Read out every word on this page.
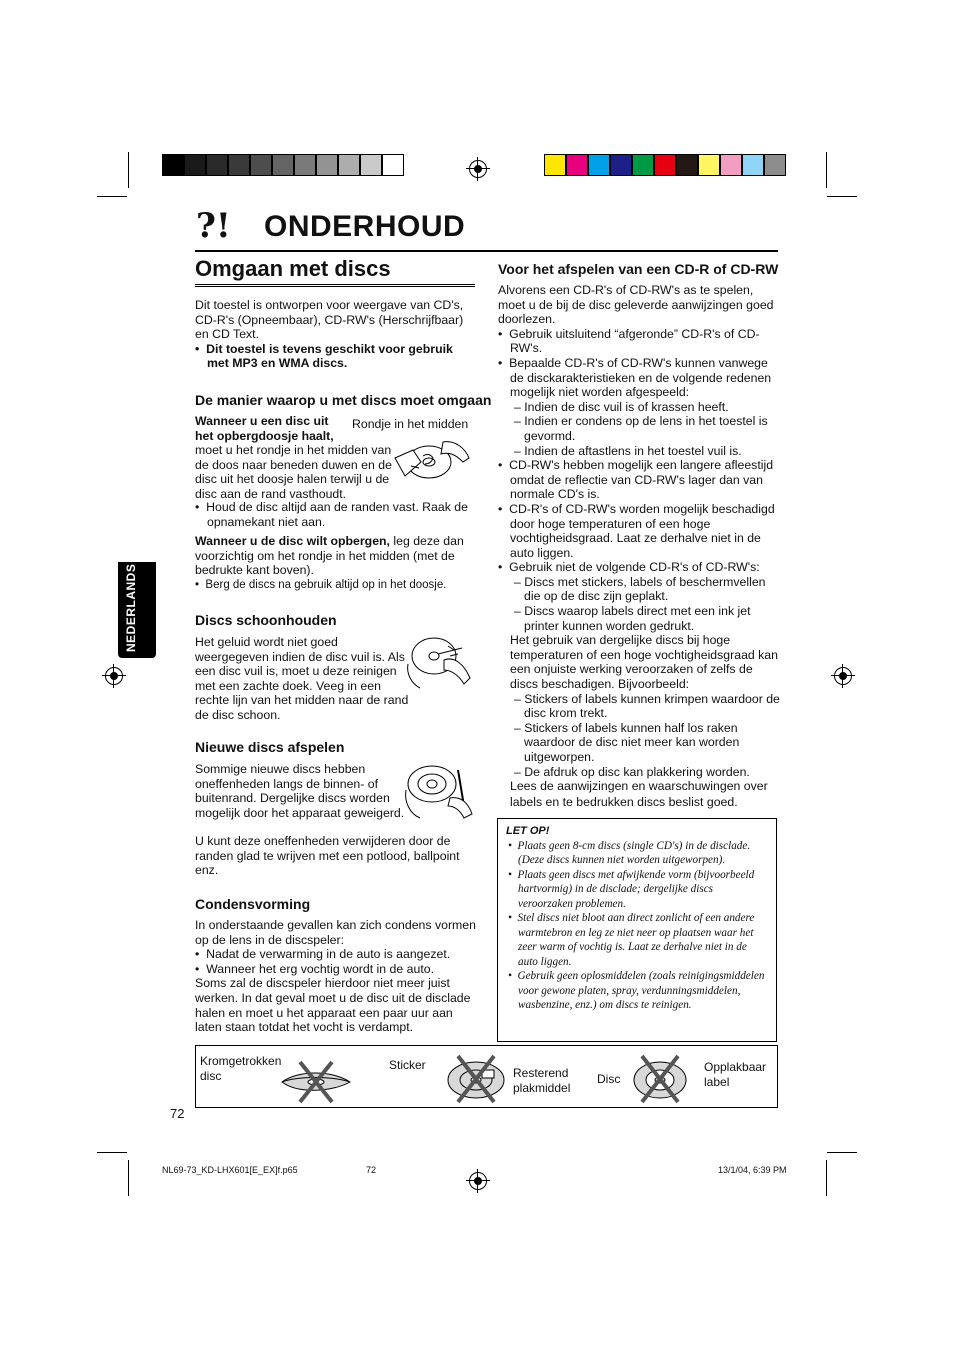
?! ONDERHOUD
Omgaan met discs
NEDERLANDS

Dit toestel is ontworpen voor weergave van CD's, CD-R's (Opneembaar), CD-RW's (Herschrijfbaar) en CD Text.

•  Dit toestel is tevens geschikt voor gebruik met MP3 en WMA discs.

De manier waarop u met discs moet omgaan
Rondje in het midden

Wanneer u een disc uit het opbergdoosje haalt,

moet u het rondje in het midden van de doos naar beneden duwen en de disc uit het doosje halen terwijl u de disc aan de rand vasthoudt.

•  Houd de disc altijd aan de randen vast. Raak de opnamekant niet aan.

Wanneer u de disc wilt opbergen, leg deze dan voorzichtig om het rondje in het midden (met de bedrukte kant boven).

•  Berg de discs na gebruik altijd op in het doosje.

Discs schoonhouden
Het geluid wordt niet goed weergegeven indien de disc vuil is. Als een disc vuil is, moet u deze reinigen met een zachte doek. Veeg in een rechte lijn van het midden naar de rand de disc schoon.
Nieuwe discs afspelen
Sommige nieuwe discs hebben oneffenheden langs de binnen- of buitenrand. Dergelijke discs worden mogelijk door het apparaat geweigerd.
U kunt deze oneffenheden verwijderen door de randen glad te wrijven met een potlood, ballpoint enz.
Condensvorming

In onderstaande gevallen kan zich condens vormen op de lens in de discspeler:

•  Nadat de verwarming in de auto is aangezet.

•  Wanneer het erg vochtig wordt in de auto.

Soms zal de discspeler hierdoor niet meer juist werken. In dat geval moet u de disc uit de disclade halen en moet u het apparaat een paar uur aan laten staan totdat het vocht is verdampt.

Voor het afspelen van een CD-R of CD-RW

Alvorens een CD-R's of CD-RW's as te spelen, moet u de bij de disc geleverde aanwijzingen goed doorlezen.

•  Gebruik uitsluitend “afgeronde” CD-R's of CD-RW's.

•  Bepaalde CD-R's of CD-RW's kunnen vanwege de disckarakteristieken en de volgende redenen mogelijk niet worden afgespeeld:

– Indien de disc vuil is of krassen heeft.

– Indien er condens op de lens in het toestel is gevormd.

– Indien de aftastlens in het toestel vuil is.

•  CD-RW's hebben mogelijk een langere afleestijd omdat de reflectie van CD-RW's lager dan van normale CD's is.

•  CD-R's of CD-RW's worden mogelijk beschadigd door hoge temperaturen of een hoge vochtigheidsgraad. Laat ze derhalve niet in de auto liggen.

•  Gebruik niet de volgende CD-R's of CD-RW's:

– Discs met stickers, labels of beschermvellen die op de disc zijn geplakt.

– Discs waarop labels direct met een ink jet printer kunnen worden gedrukt.

Het gebruik van dergelijke discs bij hoge temperaturen of een hoge vochtigheidsgraad kan een onjuiste werking veroorzaken of zelfs de discs beschadigen. Bijvoorbeeld:

– Stickers of labels kunnen krimpen waardoor de disc krom trekt.

– Stickers of labels kunnen half los raken waardoor de disc niet meer kan worden uitgeworpen.

– De afdruk op disc kan plakkering worden.

Lees de aanwijzingen en waarschuwingen over labels en te bedrukken discs beslist goed.

LET OP!

•  Plaats geen 8-cm discs (single CD's) in de disclade. (Deze discs kunnen niet worden uitgeworpen).

•  Plaats geen discs met afwijkende vorm (bijvoorbeeld hartvormig) in de disclade; dergelijke discs veroorzaken problemen.

•  Stel discs niet bloot aan direct zonlicht of een andere warmtebron en leg ze niet neer op plaatsen waar het zeer warm of vochtig is. Laat ze derhalve niet in de auto liggen.

•  Gebruik geen oplosmiddelen (zoals reinigingsmiddelen voor gewone platen, spray, verdunningsmiddelen, wasbenzine, enz.) om discs te reinigen.

Kromgetrokken disc
Sticker
Resterend plakmiddel
Disc
Opplakbaar label
72
NL69-73_KD-LHX601[E_EX]f.p65	72	13/1/04, 6:39 PM
